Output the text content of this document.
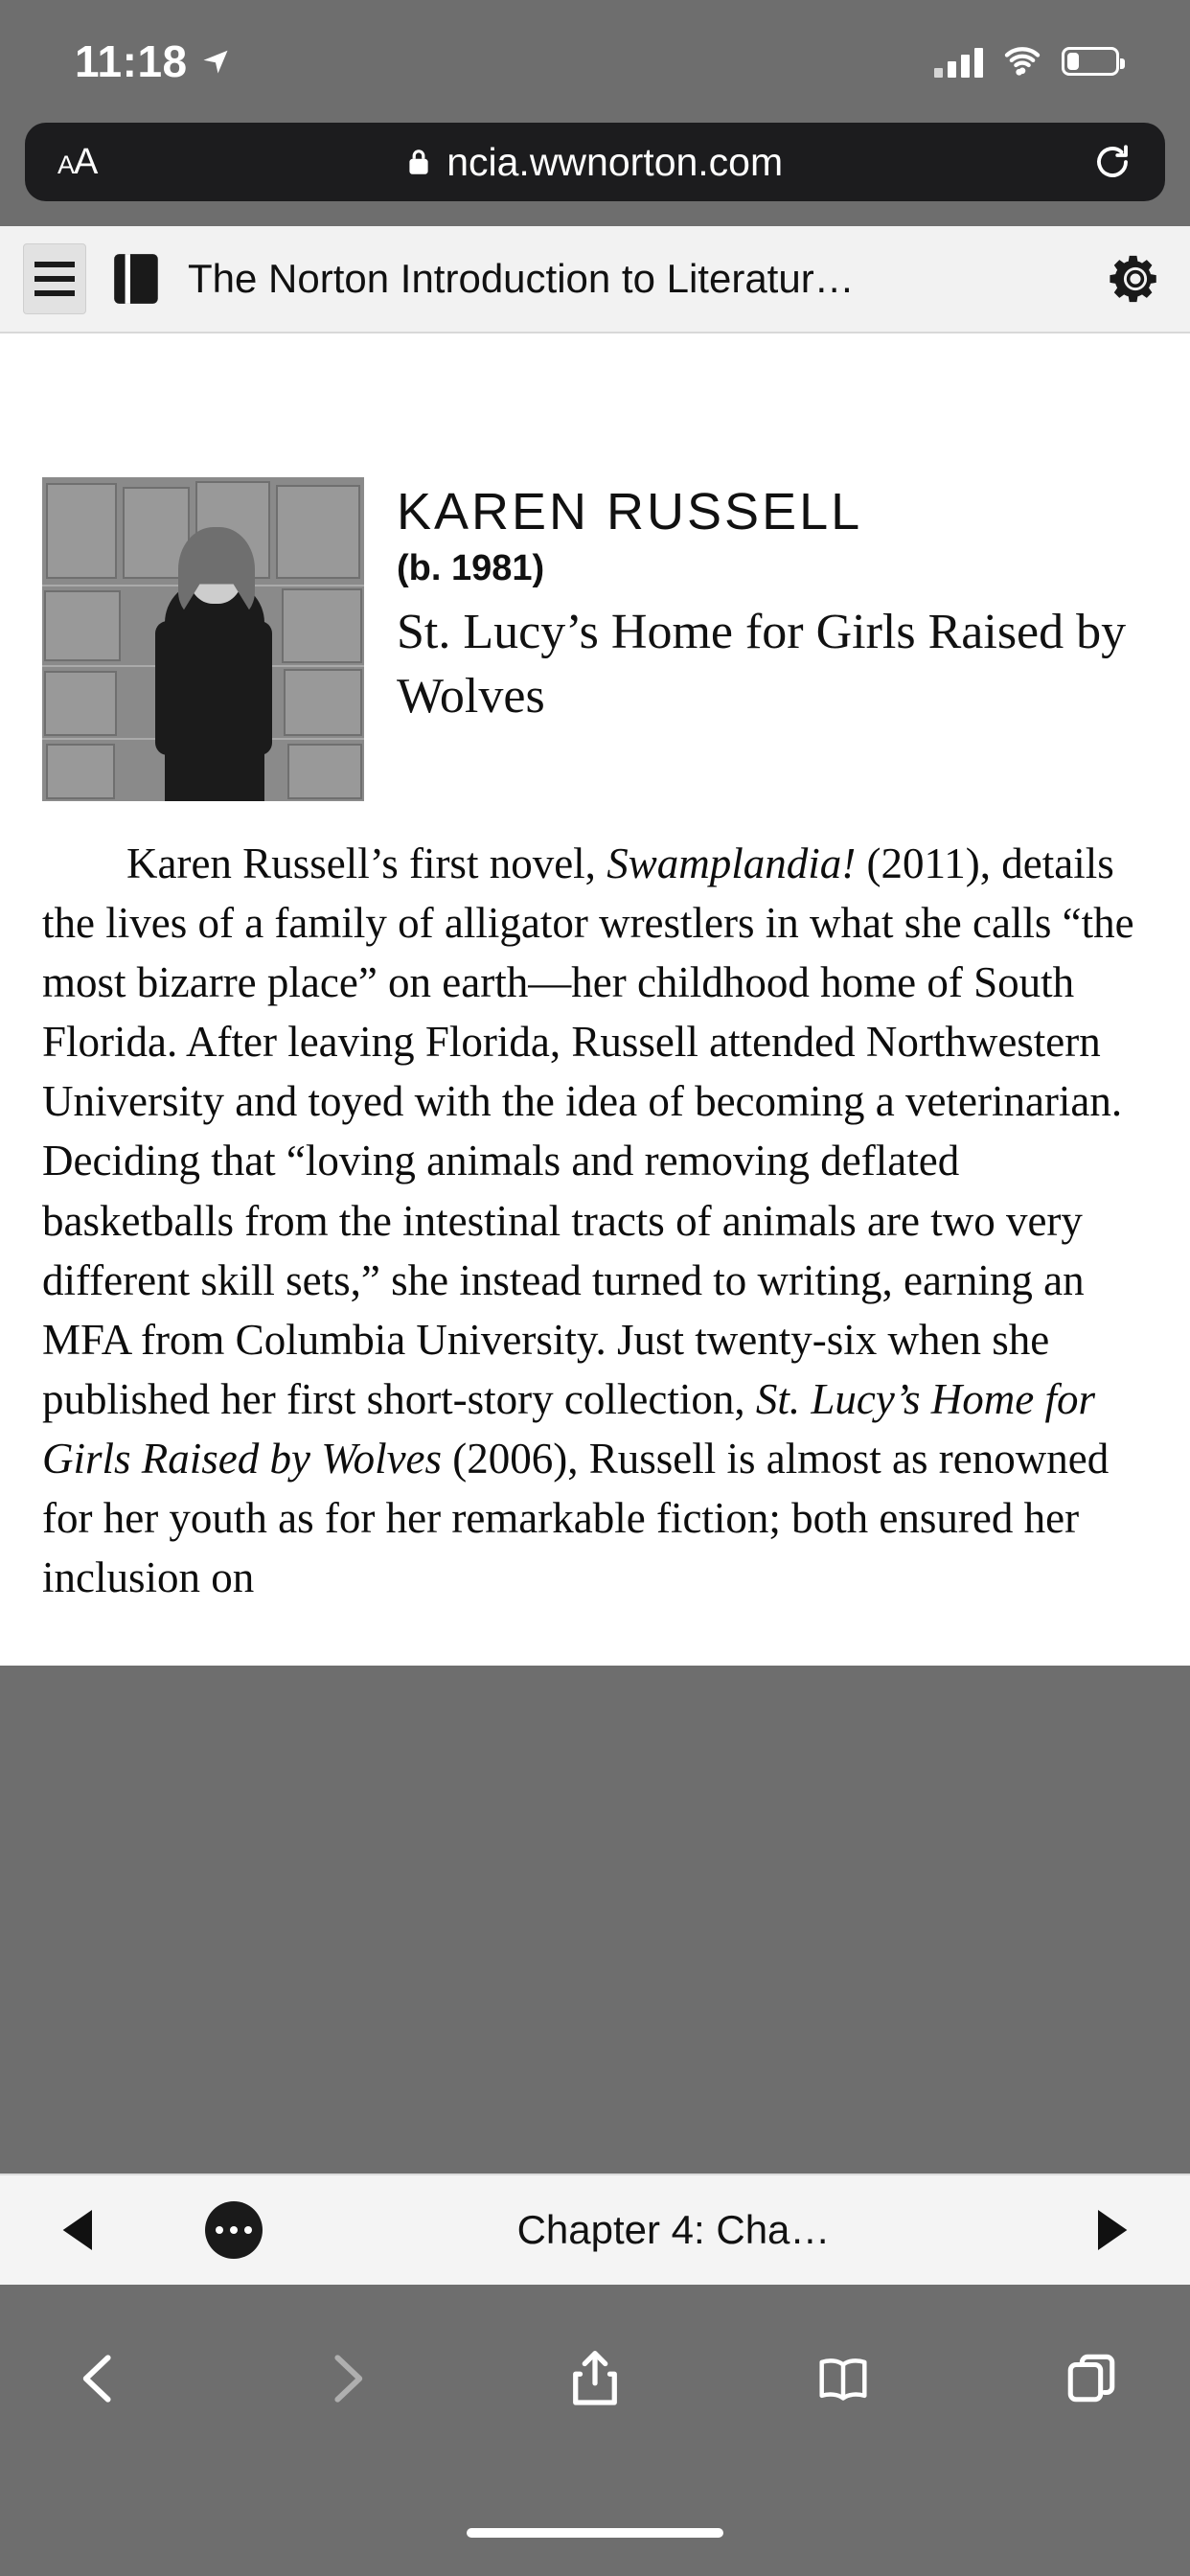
11:18
AA	ncia.wwnorton.com
The Norton Introduction to Literatur…
KAREN RUSSELL
(b. 1981)
St. Lucy’s Home for Girls Raised by Wolves

Karen Russell’s first novel, Swamplandia! (2011), details the lives of a family of alligator wrestlers in what she calls “the most bizarre place” on earth—her childhood home of South Florida. After leaving Florida, Russell attended Northwestern University and toyed with the idea of becoming a veterinarian. Deciding that “loving animals and removing deflated basketballs from the intestinal tracts of animals are two very different skill sets,” she instead turned to writing, earning an MFA from Columbia University. Just twenty-six when she published her first short-story collection, St. Lucy’s Home for Girls Raised by Wolves (2006), Russell is almost as renowned for her youth as for her remarkable fiction; both ensured her inclusion on

Chapter 4: Cha…
